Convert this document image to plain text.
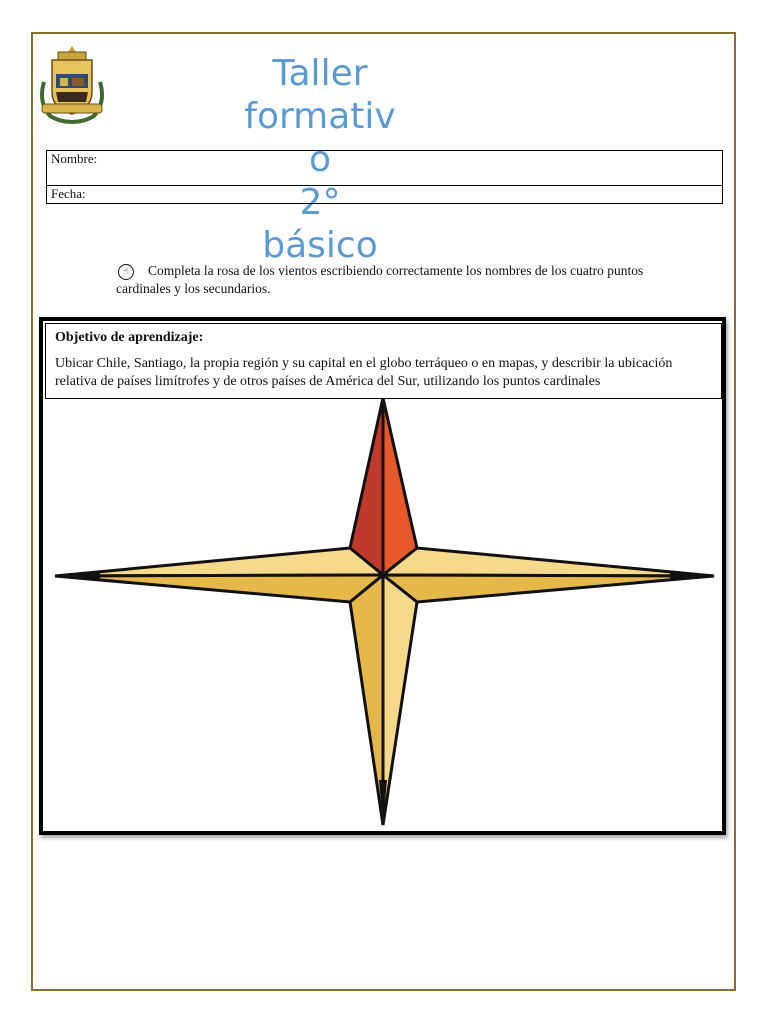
Taller
formativ
o
2°
básico
Nombre:
Fecha:
☝ Completa la rosa de los vientos escribiendo correctamente los nombres de los cuatro puntos cardinales y los secundarios.
Objetivo de aprendizaje:
Ubicar Chile, Santiago, la propia región y su capital en el globo terráqueo o en mapas, y describir la ubicación relativa de países limítrofes y de otros países de América del Sur, utilizando los puntos cardinales
